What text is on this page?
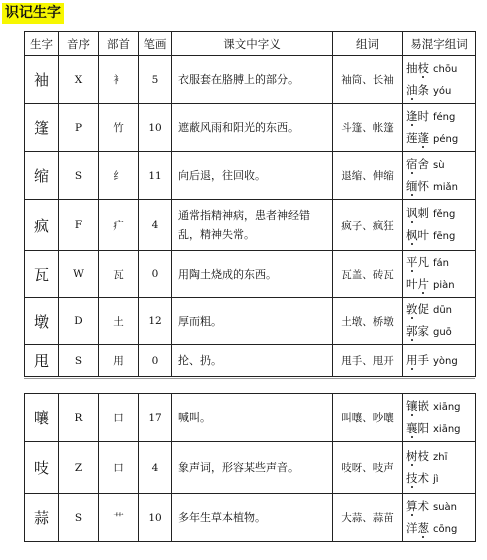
识记生字
生字	音序	部首	笔画	课文中字义	组词	易混字组词
袖	X	衤	5	衣服套在胳膊上的部分。	袖筒、长袖	抽枝 chōu
油条 yóu

篷	P	竹	10	遮蔽风雨和阳光的东西。	斗篷、帐篷	逢时 féng
莲蓬 péng

缩	S	纟	11	向后退，往回收。	退缩、伸缩	宿舍 sù
缅怀 miǎn

疯	F	疒	4	通常指精神病，患者神经错乱，精神失常。	疯子、疯狂	讽刺 fěng
枫叶 fēng

瓦	W	瓦	0	用陶土烧成的东西。	瓦盖、砖瓦	平凡 fán
叶片 piàn

墩	D	土	12	厚而粗。	土墩、桥墩	敦促 dūn
郭家 guō

甩	S	用	0	抡、扔。	甩手、甩开	用手 yòng
嚷	R	口	17	喊叫。	叫嚷、吵嚷	镶嵌 xiāng
襄阳 xiāng

吱	Z	口	4	象声词，形容某些声音。	吱呀、吱声	树枝 zhī
技术 jì

蒜	S	艹	10	多年生草本植物。	大蒜、蒜苗	算术 suàn
洋葱 cōng
